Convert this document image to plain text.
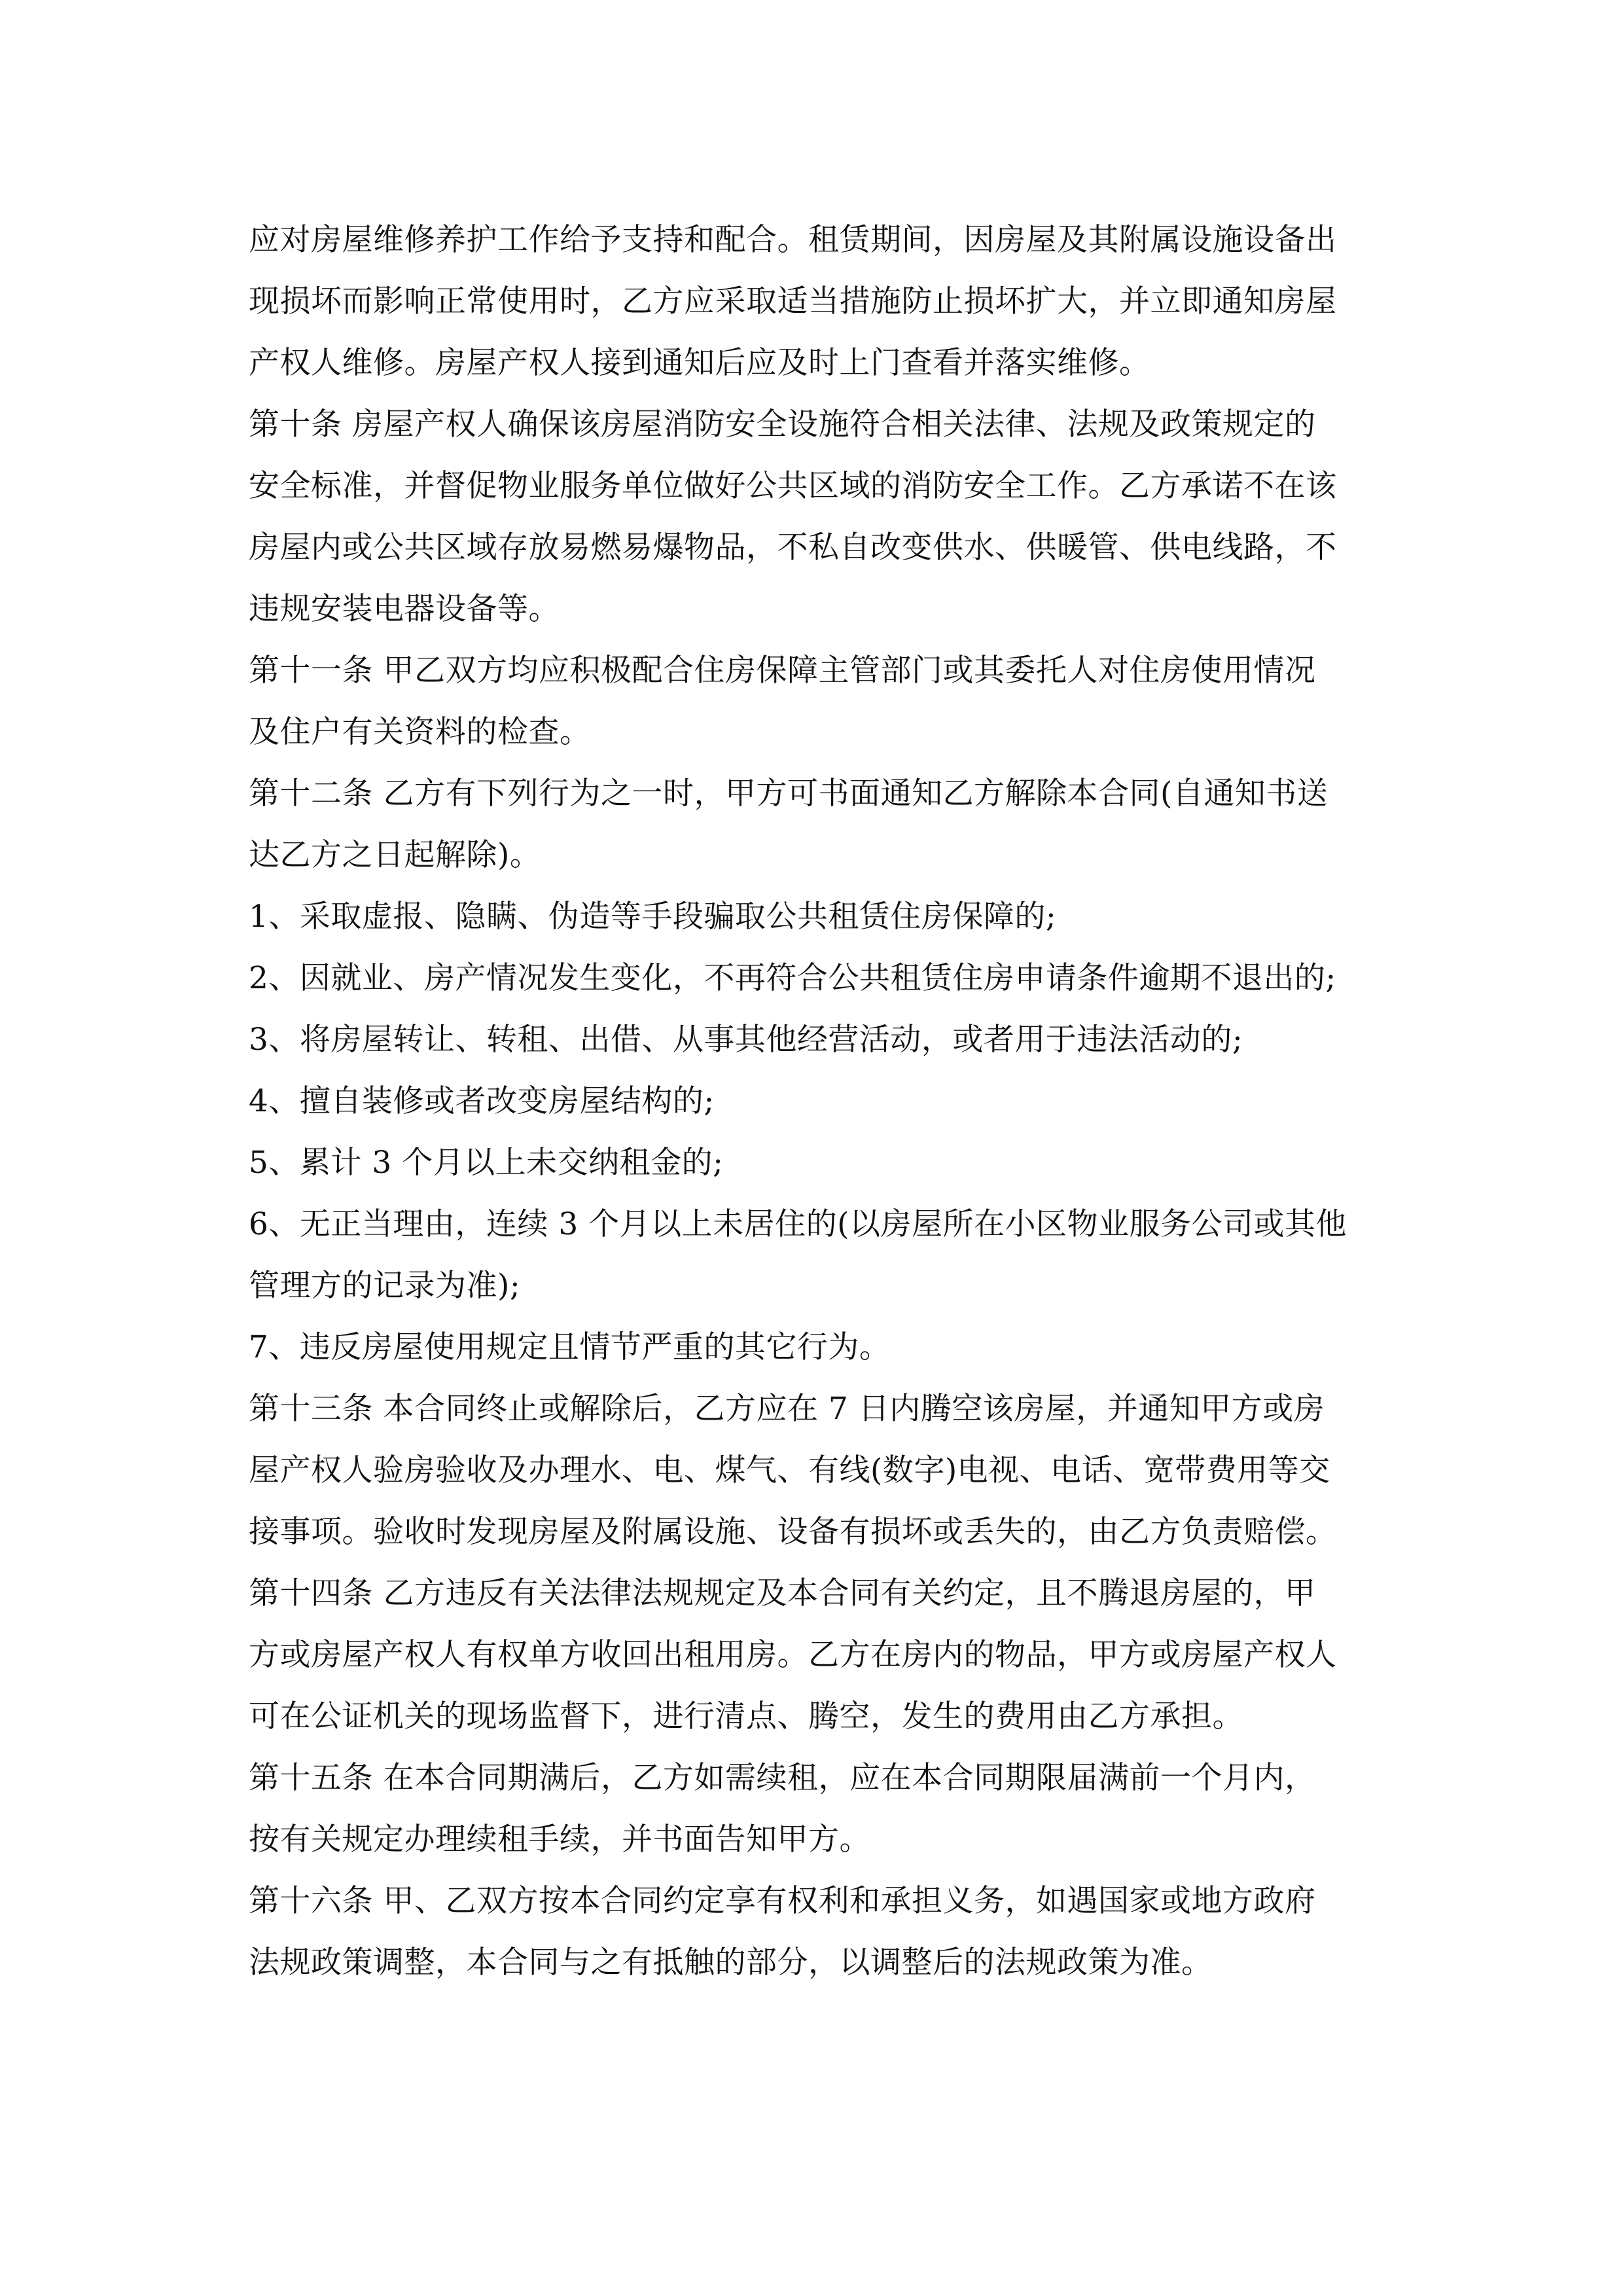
应对房屋维修养护工作给予支持和配合。租赁期间，因房屋及其附属设施设备出
现损坏而影响正常使用时，乙方应采取适当措施防止损坏扩大，并立即通知房屋
产权人维修。房屋产权人接到通知后应及时上门查看并落实维修。
第十条 房屋产权人确保该房屋消防安全设施符合相关法律、法规及政策规定的
安全标准，并督促物业服务单位做好公共区域的消防安全工作。乙方承诺不在该
房屋内或公共区域存放易燃易爆物品，不私自改变供水、供暖管、供电线路，不
违规安装电器设备等。
第十一条 甲乙双方均应积极配合住房保障主管部门或其委托人对住房使用情况
及住户有关资料的检查。
第十二条 乙方有下列行为之一时，甲方可书面通知乙方解除本合同(自通知书送
达乙方之日起解除)。
1、采取虚报、隐瞒、伪造等手段骗取公共租赁住房保障的;
2、因就业、房产情况发生变化，不再符合公共租赁住房申请条件逾期不退出的;
3、将房屋转让、转租、出借、从事其他经营活动，或者用于违法活动的;
4、擅自装修或者改变房屋结构的;
5、累计 3 个月以上未交纳租金的;
6、无正当理由，连续 3 个月以上未居住的(以房屋所在小区物业服务公司或其他
管理方的记录为准);
7、违反房屋使用规定且情节严重的其它行为。
第十三条 本合同终止或解除后，乙方应在 7 日内腾空该房屋，并通知甲方或房
屋产权人验房验收及办理水、电、煤气、有线(数字)电视、电话、宽带费用等交
接事项。验收时发现房屋及附属设施、设备有损坏或丢失的，由乙方负责赔偿。
第十四条 乙方违反有关法律法规规定及本合同有关约定，且不腾退房屋的，甲
方或房屋产权人有权单方收回出租用房。乙方在房内的物品，甲方或房屋产权人
可在公证机关的现场监督下，进行清点、腾空，发生的费用由乙方承担。
第十五条 在本合同期满后，乙方如需续租，应在本合同期限届满前一个月内，
按有关规定办理续租手续，并书面告知甲方。
第十六条 甲、乙双方按本合同约定享有权利和承担义务，如遇国家或地方政府
法规政策调整，本合同与之有抵触的部分，以调整后的法规政策为准。
